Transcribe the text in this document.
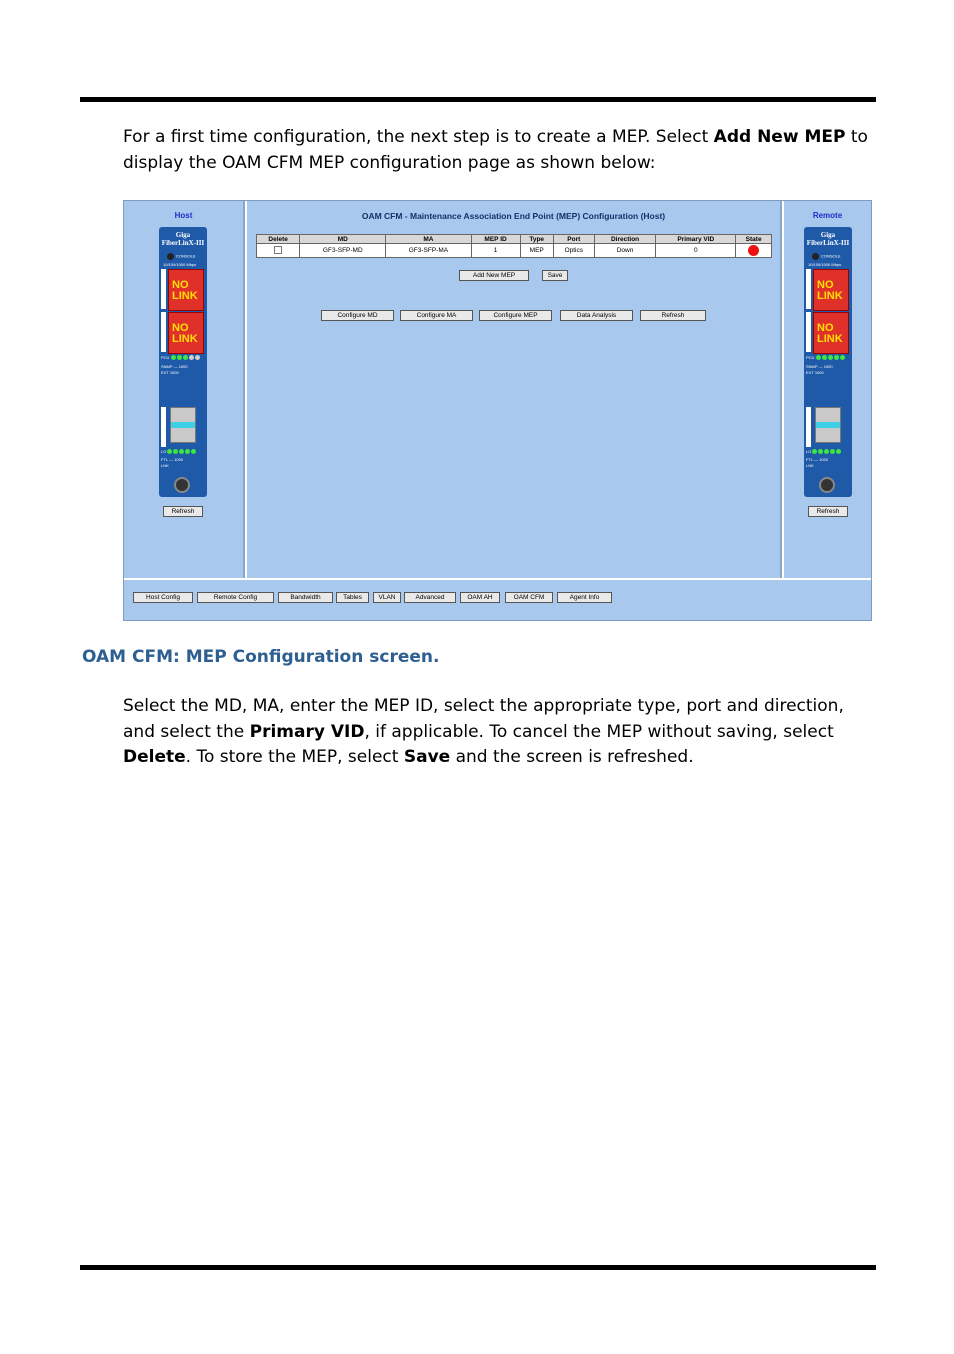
For a first time configuration, the next step is to create a MEP. Select Add New MEP to display the OAM CFM MEP configuration page as shown below:
Host
Giga
FiberLinX-III
CONSOLE
10/100/1000 Mbps
NO LINK
NO LINK
PCU
SNMP — 1000
EXT 1000
LO
FTL — 1000
LNK
Refresh
OAM CFM - Maintenance Association End Point (MEP) Configuration (Host)
Delete	MD	MA	MEP ID	Type	Port	Direction	Primary VID	State
	GF3-SFP-MD	GF3-SFP-MA	1	MEP	Optics	Down	0	
Add New MEP	Save
Configure MD	Configure MA	Configure MEP	Data Analysis	Refresh
Remote
Giga
FiberLinX-III
CONSOLE
10/100/1000 Mbps
NO LINK
NO LINK
PCU
SNMP — 1000
EXT 1000
LO
FTL — 1000
LNK
Refresh
Host Config	Remote Config	Bandwidth	Tables	VLAN	Advanced	OAM AH	OAM CFM	Agent Info
OAM CFM: MEP Configuration screen.
Select the MD, MA, enter the MEP ID, select the appropriate type, port and direction, and select the Primary VID, if applicable. To cancel the MEP without saving, select Delete. To store the MEP, select Save and the screen is refreshed.
